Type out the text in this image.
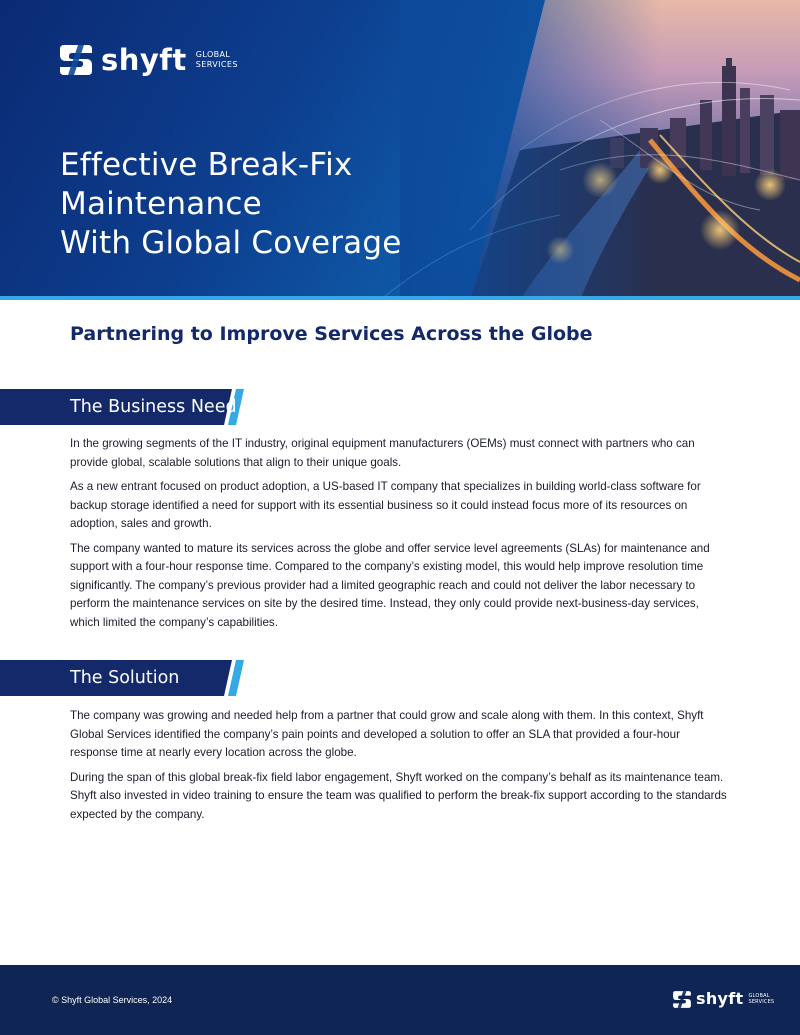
shyft GLOBAL
SERVICES
Effective Break-Fix Maintenance
With Global Coverage
Partnering to Improve Services Across the Globe
The Business Need

In the growing segments of the IT industry, original equipment manufacturers (OEMs) must connect with partners who can provide global, scalable solutions that align to their unique goals.

As a new entrant focused on product adoption, a US-based IT company that specializes in building world-class software for backup storage identified a need for support with its essential business so it could instead focus more of its resources on adoption, sales and growth.

The company wanted to mature its services across the globe and offer service level agreements (SLAs) for maintenance and support with a four-hour response time. Compared to the company’s existing model, this would help improve resolution time significantly. The company’s previous provider had a limited geographic reach and could not deliver the labor necessary to perform the maintenance services on site by the desired time. Instead, they only could provide next-business-day services, which limited the company’s capabilities.

The Solution

The company was growing and needed help from a partner that could grow and scale along with them. In this context, Shyft Global Services identified the company’s pain points and developed a solution to offer an SLA that provided a four-hour response time at nearly every location across the globe.

During the span of this global break-fix field labor engagement, Shyft worked on the company’s behalf as its maintenance team. Shyft also invested in video training to ensure the team was qualified to perform the break-fix support according to the standards expected by the company.

© Shyft Global Services, 2024	shyft GLOBAL
SERVICES
